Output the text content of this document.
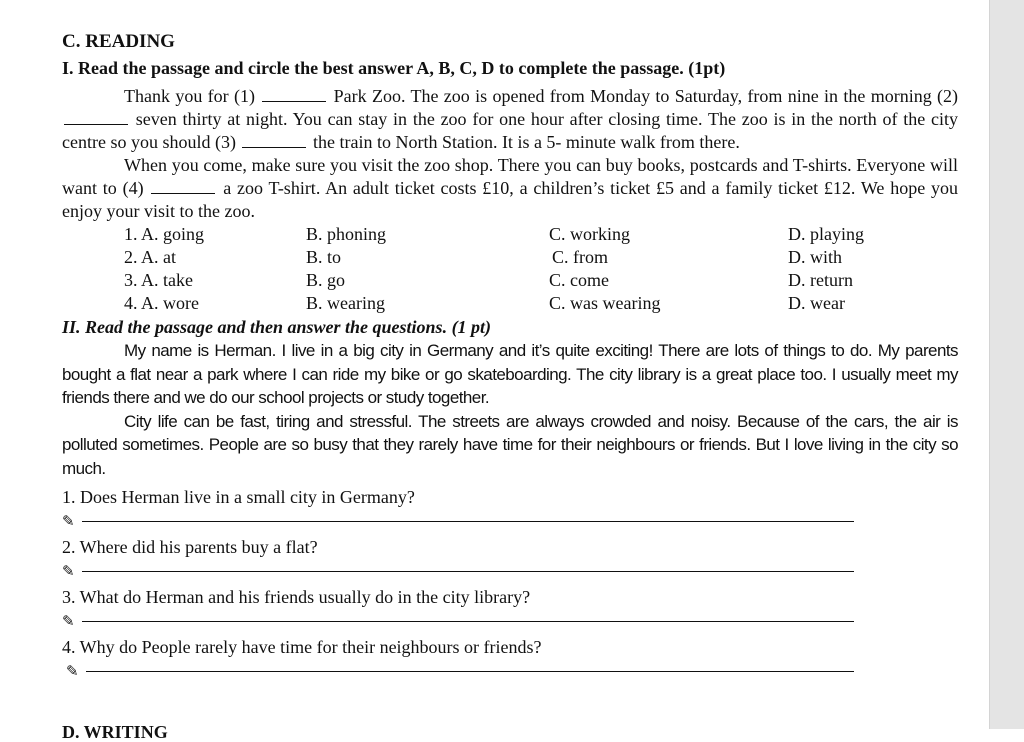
C. READING
I. Read the passage and circle the best answer A, B, C, D to complete the passage. (1pt)

Thank you for (1)	Park Zoo. The zoo is opened from Monday to Saturday, from nine in the morning (2)  seven thirty at night. You can stay in the zoo for one hour after closing time. The zoo is in the north of the city centre so you should (3)	the train to North Station. It is a 5- minute walk from there.

When you come, make sure you visit the zoo shop. There you can buy books, postcards and T-shirts. Everyone will want to (4)	a zoo T-shirt. An adult ticket costs £10, a children’s ticket £5 and a family ticket £12. We hope you enjoy your visit to the zoo.

1. A. going	B. phoning	C. working	D. playing
2. A. at	B. to	C. from	D. with
3. A. take	B. go	C. come	D. return
4. A. wore	B. wearing	C. was wearing	D. wear
II. Read the passage and then answer the questions. (1 pt)

My name is Herman. I live in a big city in Germany and it’s quite exciting! There are lots of things to do. My parents bought a flat near a park where I can ride my bike or go skateboarding. The city library is a great place too. I usually meet my friends there and we do our school projects or study together.

City life can be fast, tiring and stressful. The streets are always crowded and noisy. Because of the cars, the air is polluted sometimes. People are so busy that they rarely have time for their neighbours or friends. But I love living in the city so much.

1. Does Herman live in a small city in Germany?
✎
2. Where did his parents buy a flat?
✎
3. What do Herman and his friends usually do in the city library?
✎
4. Why do People rarely have time for their neighbours or friends?
✎
D. WRITING
